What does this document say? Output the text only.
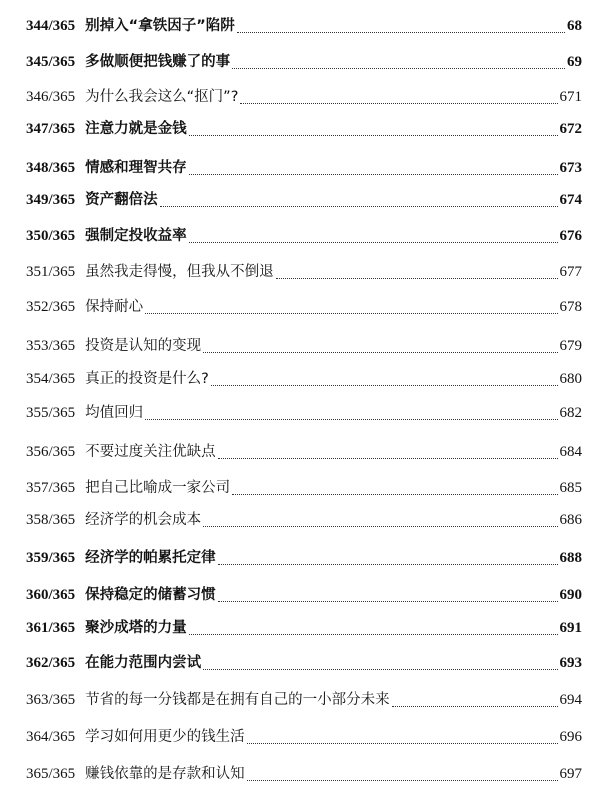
344/365 别掉入“拿铁因子”陷阱	68
345/365 多做顺便把钱赚了的事	69
346/365 为什么我会这么“抠门”?	671
347/365 注意力就是金钱	672
348/365 情感和理智共存	673
349/365 资产翻倍法	674
350/365 强制定投收益率	676
351/365 虽然我走得慢，但我从不倒退	677
352/365 保持耐心	678
353/365 投资是认知的变现	679
354/365 真正的投资是什么?	680
355/365 均值回归	682
356/365 不要过度关注优缺点	684
357/365 把自己比喻成一家公司	685
358/365 经济学的机会成本	686
359/365 经济学的帕累托定律	688
360/365 保持稳定的储蓄习惯	690
361/365 聚沙成塔的力量	691
362/365 在能力范围内尝试	693
363/365 节省的每一分钱都是在拥有自己的一小部分未来	694
364/365 学习如何用更少的钱生活	696
365/365 赚钱依靠的是存款和认知	697
